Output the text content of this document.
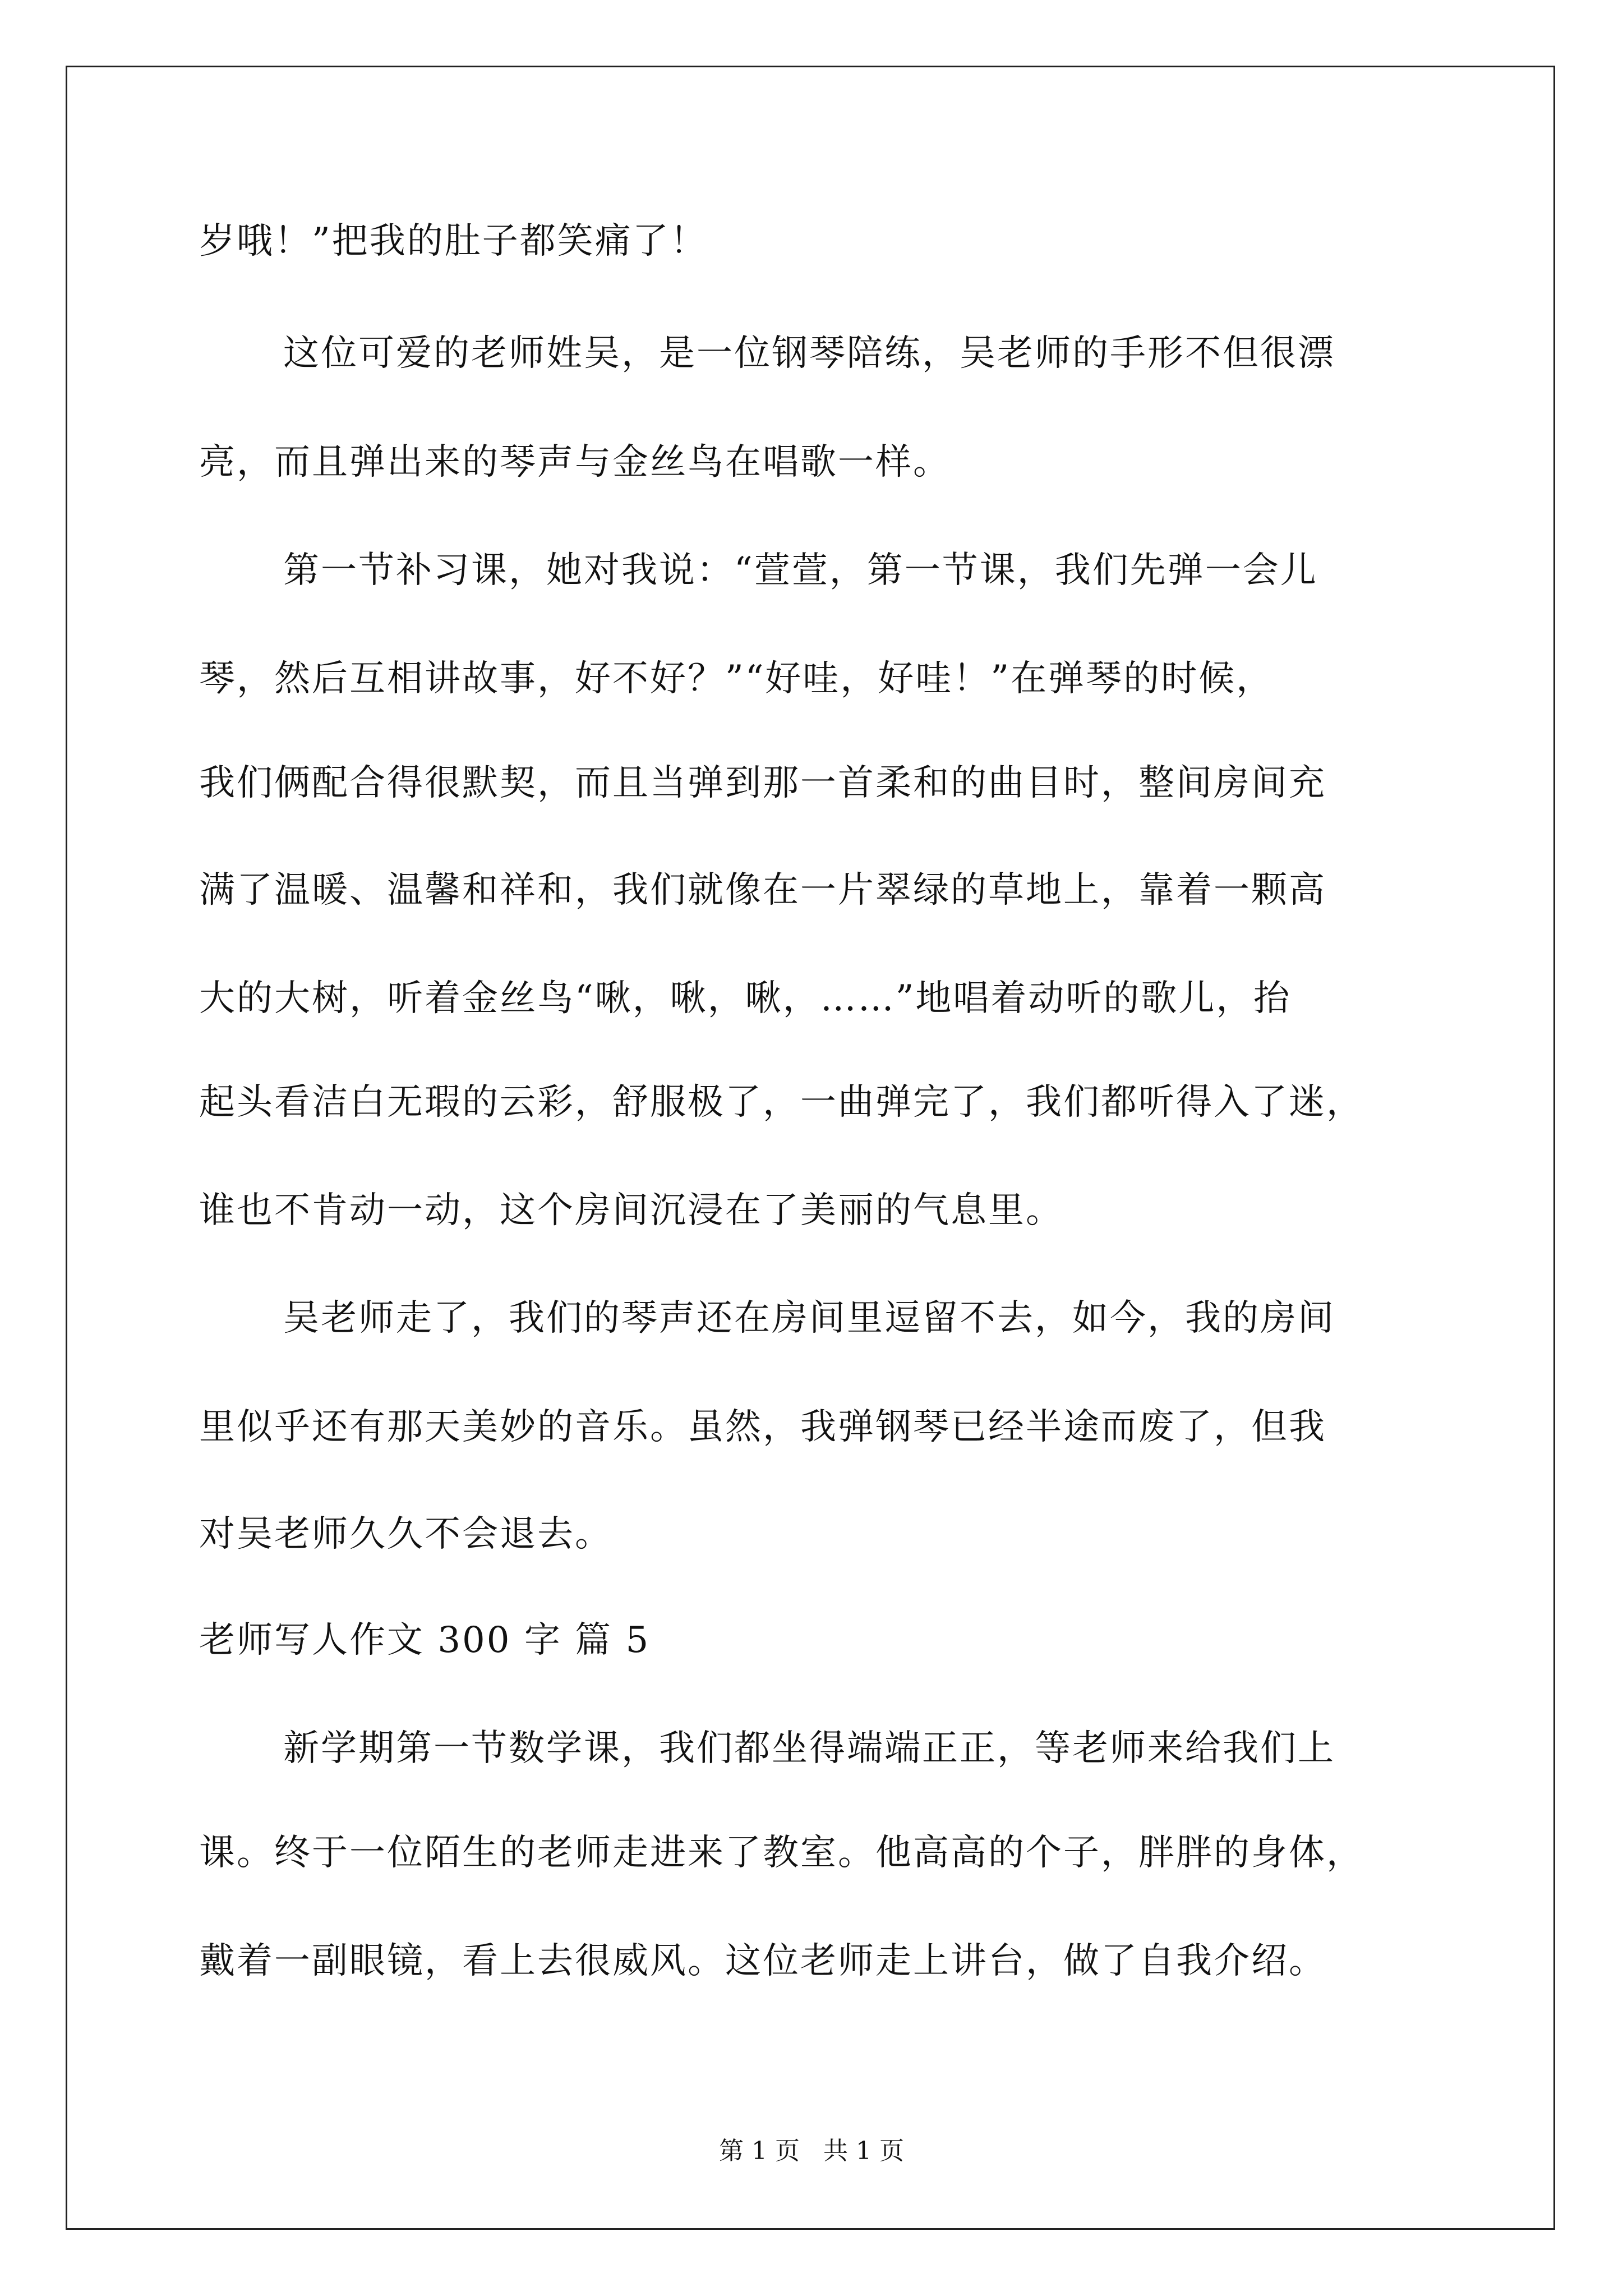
岁哦！”把我的肚子都笑痛了！

这位可爱的老师姓吴，是一位钢琴陪练，吴老师的手形不但很漂

亮，而且弹出来的琴声与金丝鸟在唱歌一样。

第一节补习课，她对我说：“萱萱，第一节课，我们先弹一会儿

琴，然后互相讲故事，好不好？”“好哇，好哇！”在弹琴的时候，

我们俩配合得很默契，而且当弹到那一首柔和的曲目时，整间房间充

满了温暖、温馨和祥和，我们就像在一片翠绿的草地上，靠着一颗高

大的大树，听着金丝鸟“啾，啾，啾，……”地唱着动听的歌儿，抬

起头看洁白无瑕的云彩，舒服极了，一曲弹完了，我们都听得入了迷，

谁也不肯动一动，这个房间沉浸在了美丽的气息里。

吴老师走了，我们的琴声还在房间里逗留不去，如今，我的房间

里似乎还有那天美妙的音乐。虽然，我弹钢琴已经半途而废了，但我

对吴老师久久不会退去。

老师写人作文 300 字 篇 5

新学期第一节数学课，我们都坐得端端正正，等老师来给我们上

课。终于一位陌生的老师走进来了教室。他高高的个子，胖胖的身体，

戴着一副眼镜，看上去很威风。这位老师走上讲台，做了自我介绍。

第 1 页   共 1 页
